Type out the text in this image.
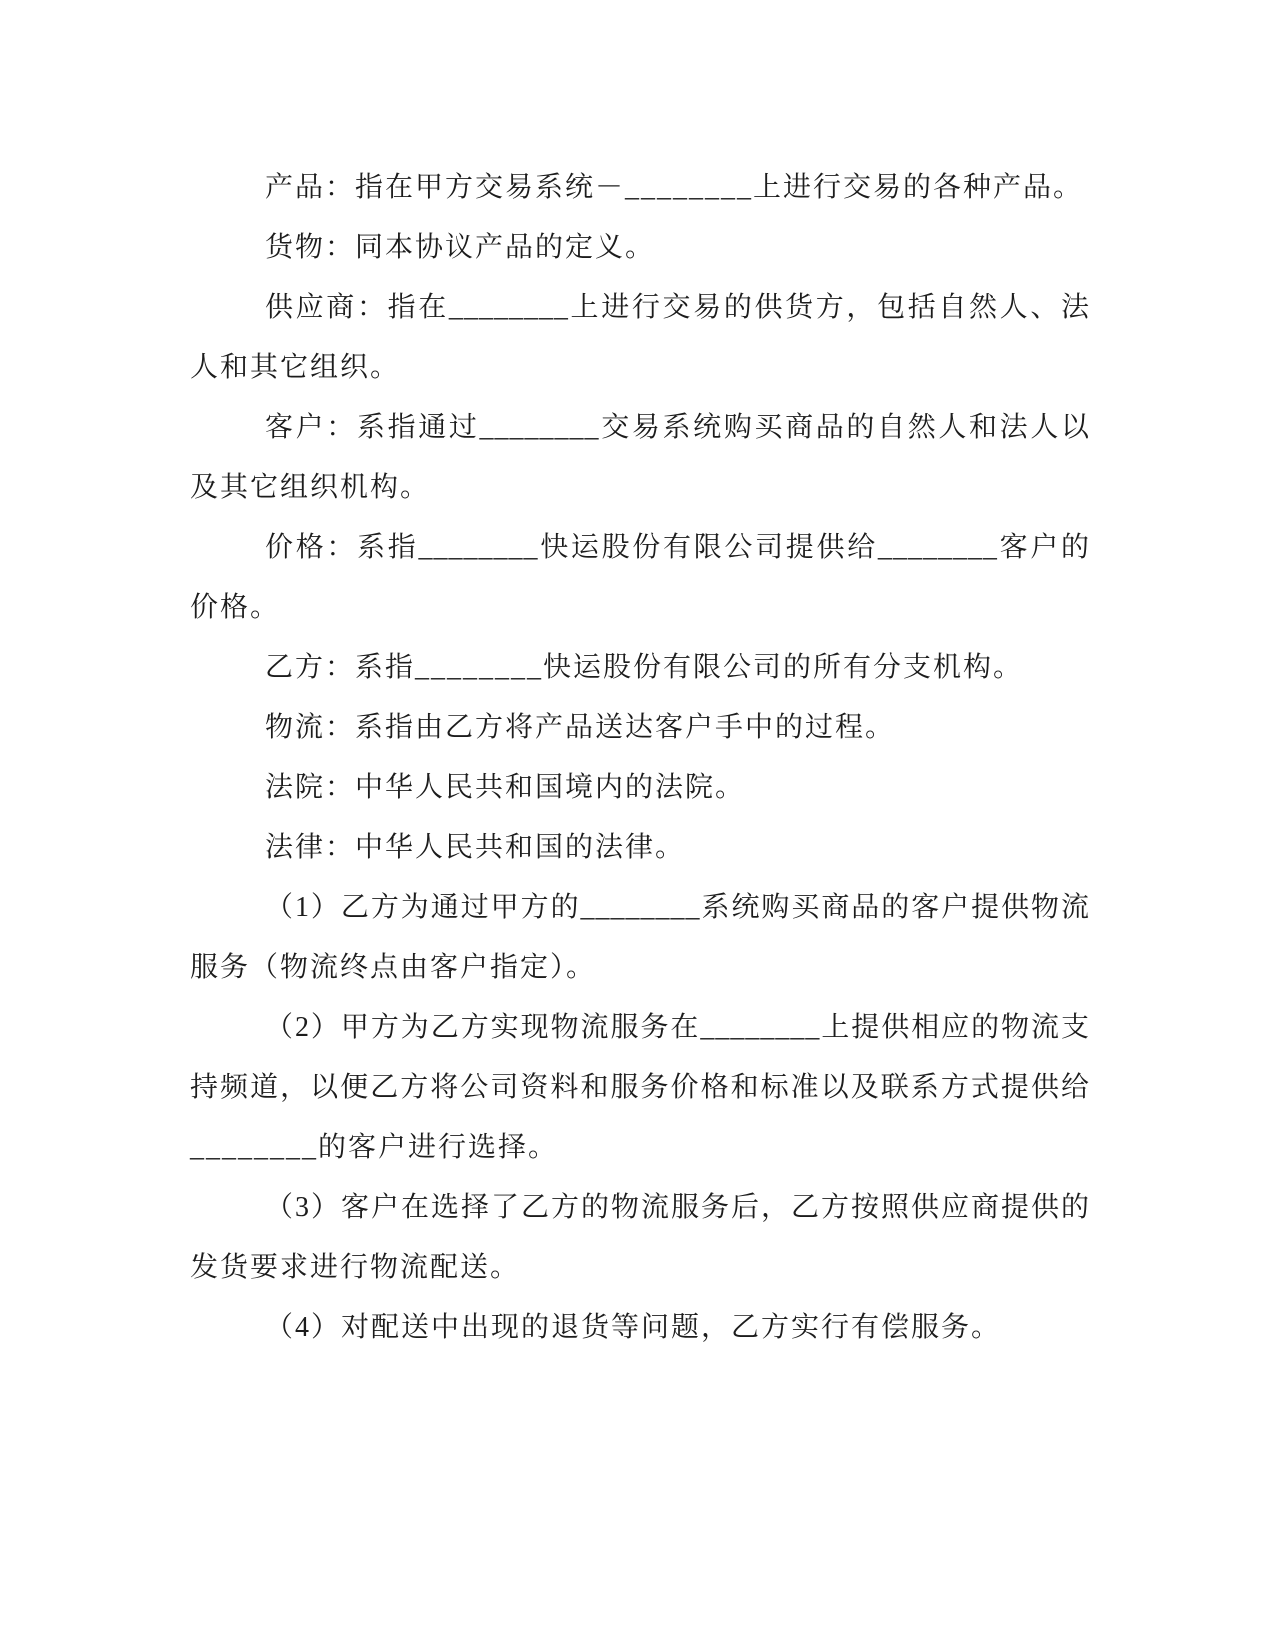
产品：指在甲方交易系统－________上进行交易的各种产品。
货物：同本协议产品的定义。
供应商：指在________上进行交易的供货方，包括自然人、法
人和其它组织。
客户：系指通过________交易系统购买商品的自然人和法人以
及其它组织机构。
价格：系指________快运股份有限公司提供给________客户的
价格。
乙方：系指________快运股份有限公司的所有分支机构。
物流：系指由乙方将产品送达客户手中的过程。
法院：中华人民共和国境内的法院。
法律：中华人民共和国的法律。
（1）乙方为通过甲方的________系统购买商品的客户提供物流
服务（物流终点由客户指定）。
（2）甲方为乙方实现物流服务在________上提供相应的物流支
持频道，以便乙方将公司资料和服务价格和标准以及联系方式提供给
________的客户进行选择。
（3）客户在选择了乙方的物流服务后，乙方按照供应商提供的
发货要求进行物流配送。
（4）对配送中出现的退货等问题，乙方实行有偿服务。
